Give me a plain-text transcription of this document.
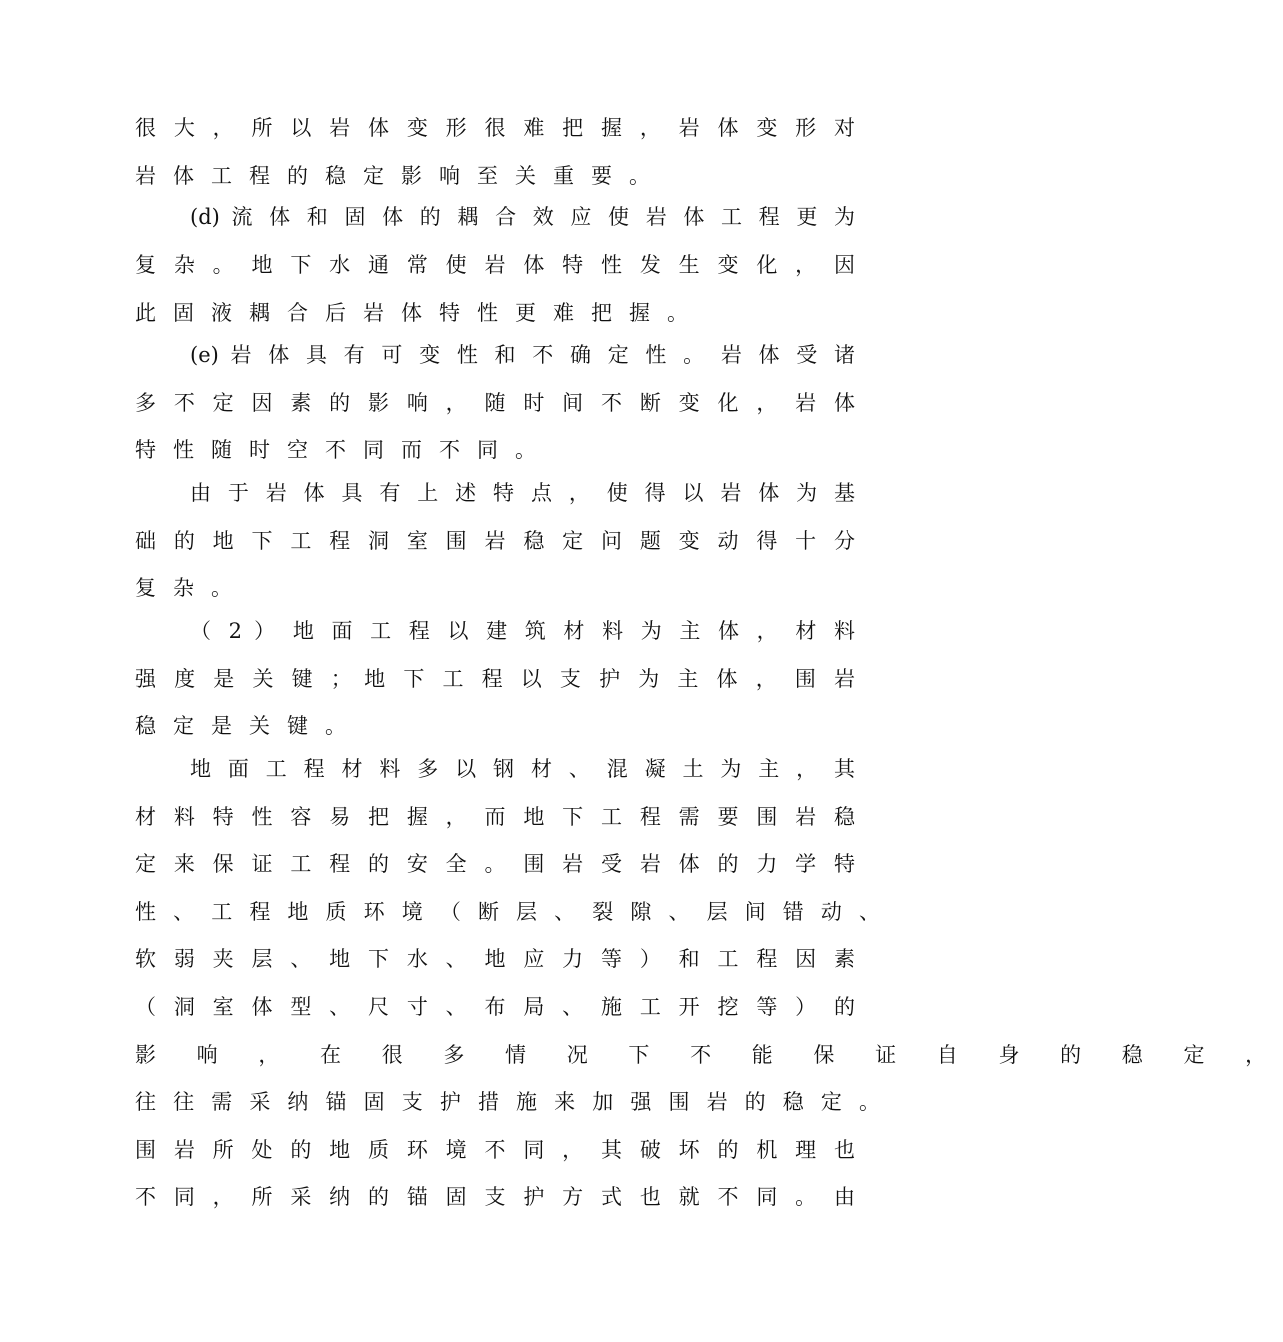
很 大 ， 所 以 岩 体 变 形 很 难 把 握 ， 岩 体 变 形 对
岩体工程的稳定影响至关重要。
(d) 流 体 和 固 体 的 耦 合 效 应 使 岩 体 工 程 更 为
复 杂 。 地 下 水 通 常 使 岩 体 特 性 发 生 变 化 ， 因
此固液耦合后岩体特性更难把握。
(e) 岩 体 具 有 可 变 性 和 不 确 定 性 。 岩 体 受 诸
多 不 定 因 素 的 影 响 ， 随 时 间 不 断 变 化 ， 岩 体
特性随时空不同而不同。
由 于 岩 体 具 有 上 述 特 点 ， 使 得 以 岩 体 为 基
础 的 地 下 工 程 洞 室 围 岩 稳 定 问 题 变 动 得 十 分
复杂。
（ 2 ） 地 面 工 程 以 建 筑 材 料 为 主 体 ， 材 料
强 度 是 关 键 ； 地 下 工 程 以 支 护 为 主 体 ， 围 岩
稳定是关键。
地 面 工 程 材 料 多 以 钢 材 、 混 凝 土 为 主 ， 其
材 料 特 性 容 易 把 握 ， 而 地 下 工 程 需 要 围 岩 稳
定 来 保 证 工 程 的 安 全 。 围 岩 受 岩 体 的 力 学 特
性 、 工 程 地 质 环 境 （ 断 层 、 裂 隙 、 层 间 错 动 、
软 弱 夹 层 、 地 下 水 、 地 应 力 等 ） 和 工 程 因 素
（ 洞 室 体 型 、 尺 寸 、 布 局 、 施 工 开 挖 等 ） 的
影 响 ， 在 很 多 情 况 下 不 能 保 证 自 身 的 稳 定 ，
往 往 需 采 纳 锚 固 支 护 措 施 来 加 强 围 岩 的 稳 定 。
围 岩 所 处 的 地 质 环 境 不 同 ， 其 破 坏 的 机 理 也
不 同 ， 所 采 纳 的 锚 固 支 护 方 式 也 就 不 同 。 由
